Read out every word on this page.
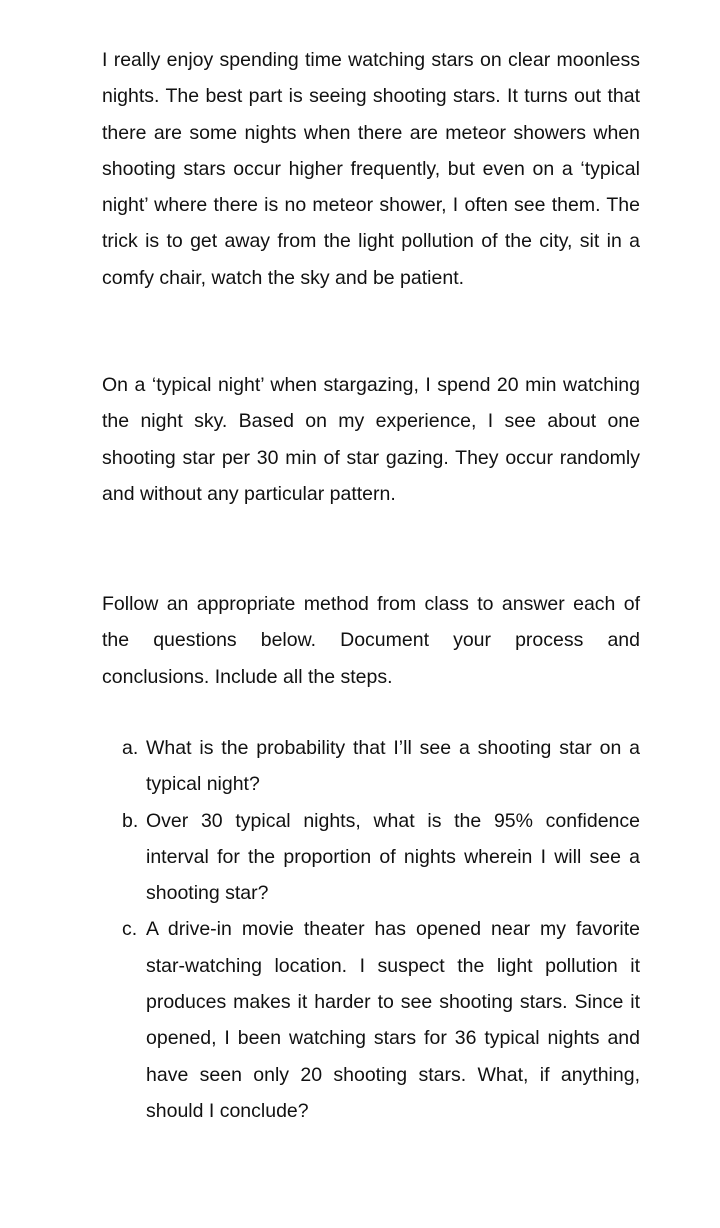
I really enjoy spending time watching stars on clear moonless nights. The best part is seeing shooting stars. It turns out that there are some nights when there are meteor showers when shooting stars occur higher frequently, but even on a ‘typical night’ where there is no meteor shower, I often see them. The trick is to get away from the light pollution of the city, sit in a comfy chair, watch the sky and be patient.

On a ‘typical night’ when stargazing, I spend 20 min watching the night sky. Based on my experience, I see about one shooting star per 30 min of star gazing. They occur randomly and without any particular pattern.

Follow an appropriate method from class to answer each of the questions below. Document your process and conclusions. Include all the steps.

a. What is the probability that I’ll see a shooting star on a typical night?
b. Over 30 typical nights, what is the 95% confidence interval for the proportion of nights wherein I will see a shooting star?
c. A drive-in movie theater has opened near my favorite star-watching location. I suspect the light pollution it produces makes it harder to see shooting stars. Since it opened, I been watching stars for 36 typical nights and have seen only 20 shooting stars. What, if anything, should I conclude?
